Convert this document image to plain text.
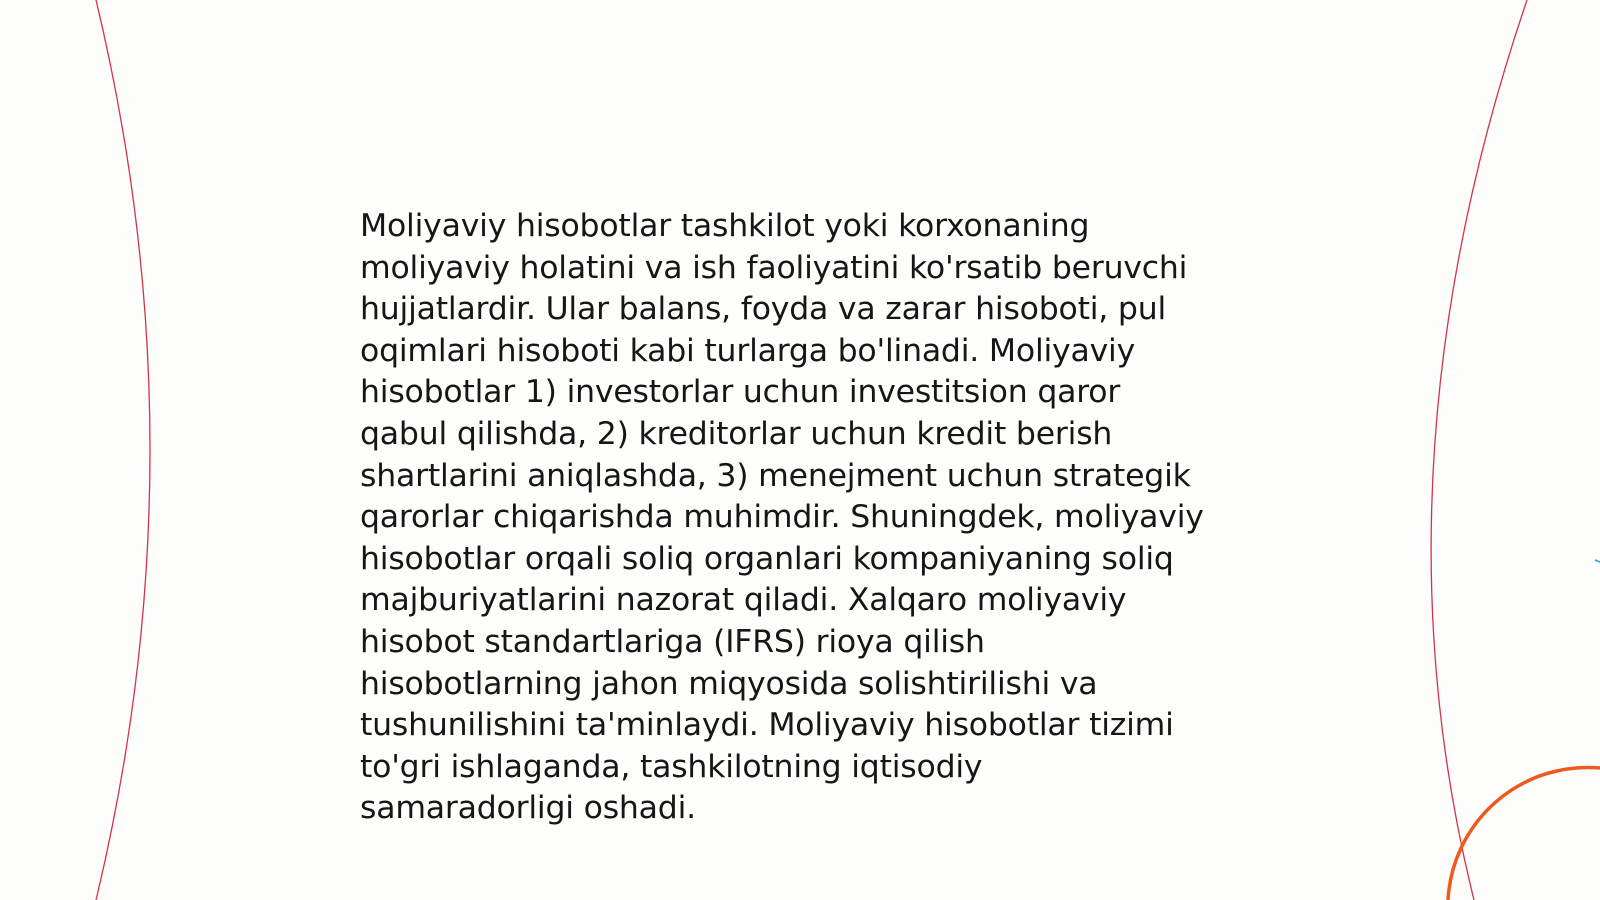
Moliyaviy hisobotlar tashkilot yoki korxonaning
moliyaviy holatini va ish faoliyatini ko'rsatib beruvchi
hujjatlardir. Ular balans, foyda va zarar hisoboti, pul
oqimlari hisoboti kabi turlarga bo'linadi. Moliyaviy
hisobotlar 1) investorlar uchun investitsion qaror
qabul qilishda, 2) kreditorlar uchun kredit berish
shartlarini aniqlashda, 3) menejment uchun strategik
qarorlar chiqarishda muhimdir. Shuningdek, moliyaviy
hisobotlar orqali soliq organlari kompaniyaning soliq
majburiyatlarini nazorat qiladi. Xalqaro moliyaviy
hisobot standartlariga (IFRS) rioya qilish
hisobotlarning jahon miqyosida solishtirilishi va
tushunilishini ta'minlaydi. Moliyaviy hisobotlar tizimi
to'gri ishlaganda, tashkilotning iqtisodiy
samaradorligi oshadi.
